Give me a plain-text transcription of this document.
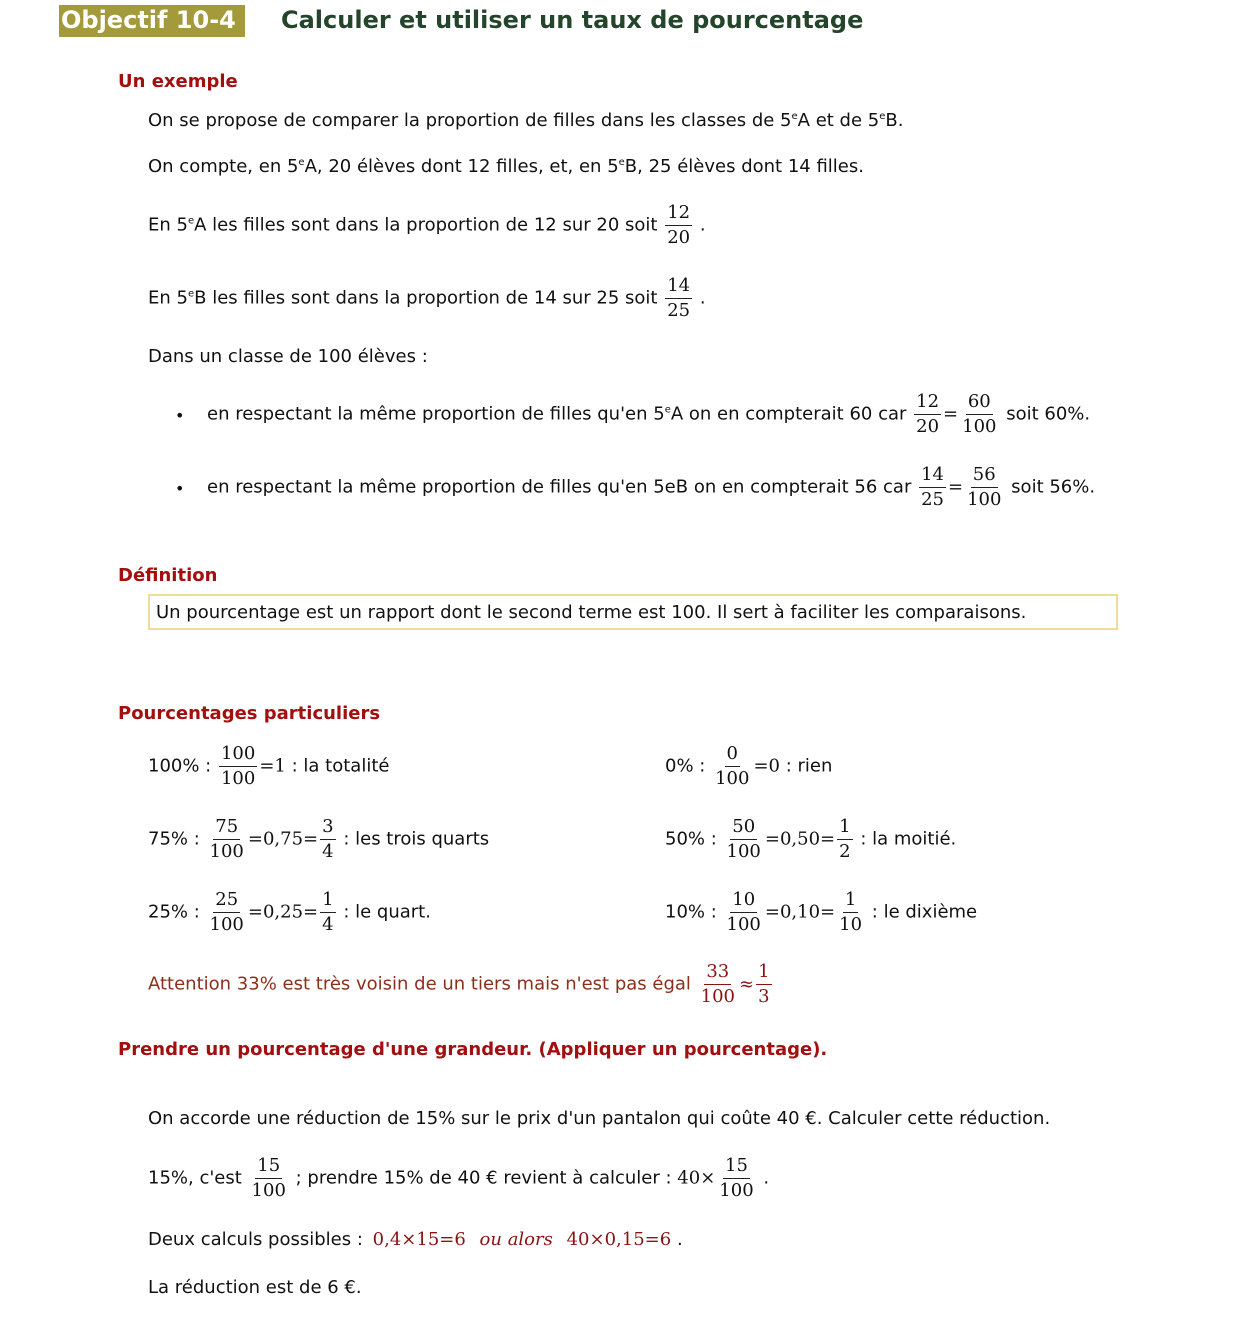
Objectif 10-4	Calculer et utiliser un taux de pourcentage
Un exemple
On se propose de comparer la proportion de filles dans les classes de 5eA et de 5eB.
On compte, en 5eA, 20 élèves dont 12 filles, et, en 5eB, 25 élèves dont 14 filles.
En 5eA les filles sont dans la proportion de 12 sur 20 soit $\frac{12}{20}$ .
En 5eB les filles sont dans la proportion de 14 sur 25 soit $\frac{14}{25}$ .
Dans un classe de 100 élèves :
• en respectant la même proportion de filles qu'en 5eA on en compterait 60 car $\frac{12}{20} = \frac{60}{100}$ soit 60%.
• en respectant la même proportion de filles qu'en 5eB on en compterait 56 car $\frac{14}{25} = \frac{56}{100}$ soit 56%.
Définition
Un pourcentage est un rapport dont le second terme est 100. Il sert à faciliter les comparaisons.
Pourcentages particuliers
100% : $\frac{100}{100} =1$ : la totalité	0% : $\frac{0}{100} =0$ : rien
75% : $\frac{75}{100} =0,75= \frac{3}{4}$ : les trois quarts	50% : $\frac{50}{100} =0,50= \frac{1}{2}$ : la moitié.
25% : $\frac{25}{100} =0,25= \frac{1}{4}$ : le quart.	10% : $\frac{10}{100} =0,10= \frac{1}{10}$ : le dixième
Attention 33% est très voisin de un tiers mais n'est pas égal $\frac{33}{100} \approx \frac{1}{3}$
Prendre un pourcentage d'une grandeur. (Appliquer un pourcentage).
On accorde une réduction de 15% sur le prix d'un pantalon qui coûte 40 €. Calculer cette réduction.
15%, $c'est \frac{15}{100}$ ; prendre 15% de 40 € revient à calculer : $40\times \frac{15}{100}$ .
Deux calculs possibles : 0,4×15=6 ou alors 40×0,15=6 .
La réduction est de 6 €.
